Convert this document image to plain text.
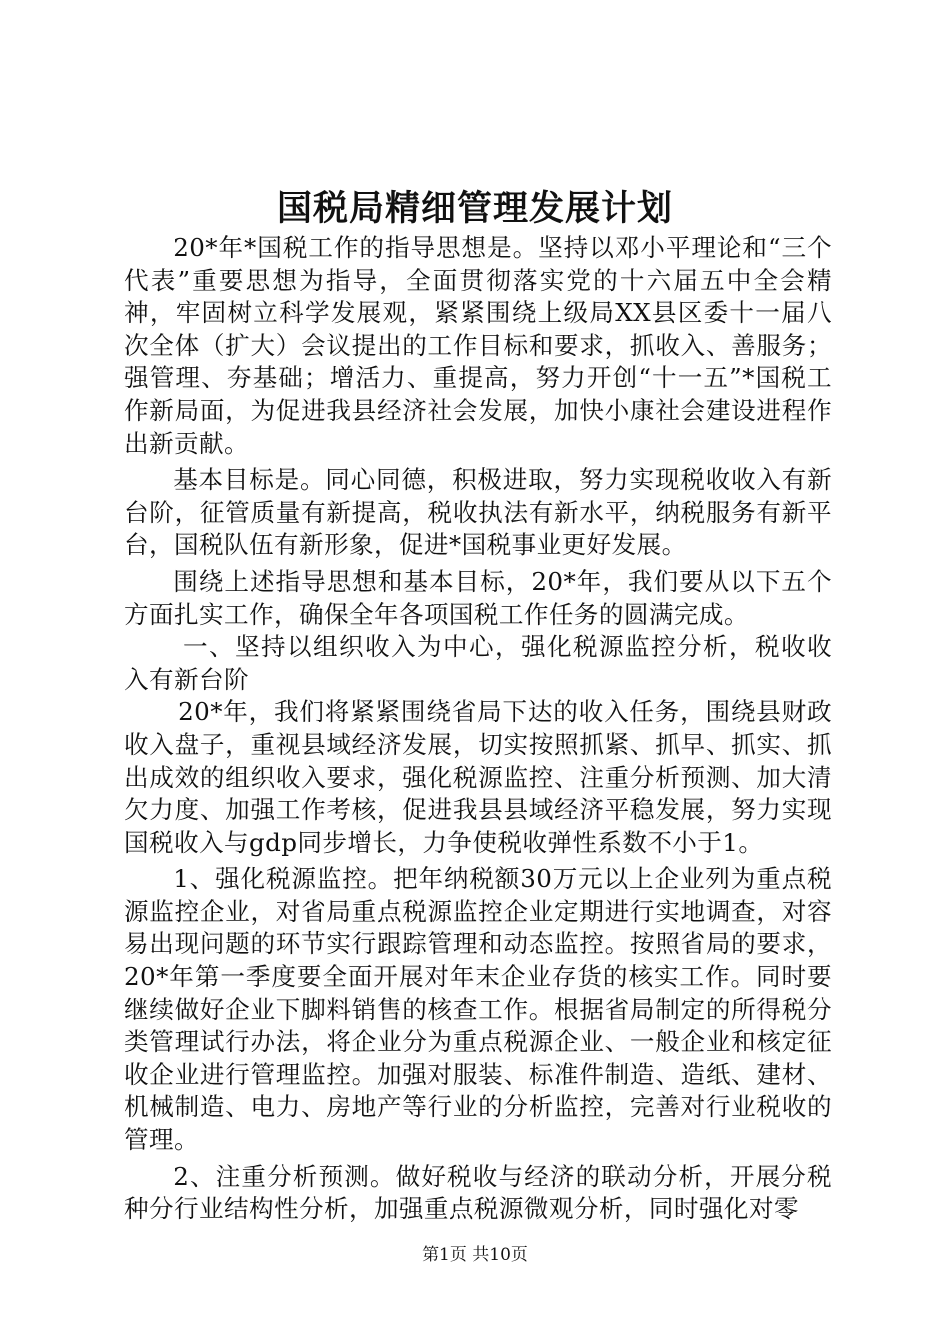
国税局精细管理发展计划

20*年*国税工作的指导思想是。坚持以邓小平理论和“三个代表”重要思想为指导，全面贯彻落实党的十六届五中全会精神，牢固树立科学发展观，紧紧围绕上级局XX县区委十一届八次全体（扩大）会议提出的工作目标和要求，抓收入、善服务；强管理、夯基础；增活力、重提高，努力开创“十一五”*国税工作新局面，为促进我县经济社会发展，加快小康社会建设进程作出新贡献。

基本目标是。同心同德，积极进取，努力实现税收收入有新台阶，征管质量有新提高，税收执法有新水平，纳税服务有新平台，国税队伍有新形象，促进*国税事业更好发展。

围绕上述指导思想和基本目标，20*年，我们要从以下五个方面扎实工作，确保全年各项国税工作任务的圆满完成。

一、坚持以组织收入为中心，强化税源监控分析，税收收入有新台阶

20*年，我们将紧紧围绕省局下达的收入任务，围绕县财政收入盘子，重视县域经济发展，切实按照抓紧、抓早、抓实、抓出成效的组织收入要求，强化税源监控、注重分析预测、加大清欠力度、加强工作考核，促进我县县域经济平稳发展，努力实现国税收入与gdp同步增长，力争使税收弹性系数不小于1。

1、强化税源监控。把年纳税额30万元以上企业列为重点税源监控企业，对省局重点税源监控企业定期进行实地调查，对容易出现问题的环节实行跟踪管理和动态监控。按照省局的要求，20*年第一季度要全面开展对年末企业存货的核实工作。同时要继续做好企业下脚料销售的核查工作。根据省局制定的所得税分类管理试行办法，将企业分为重点税源企业、一般企业和核定征收企业进行管理监控。加强对服装、标准件制造、造纸、建材、机械制造、电力、房地产等行业的分析监控，完善对行业税收的管理。

2、注重分析预测。做好税收与经济的联动分析，开展分税种分行业结构性分析，加强重点税源微观分析，同时强化对零

第1页 共10页
